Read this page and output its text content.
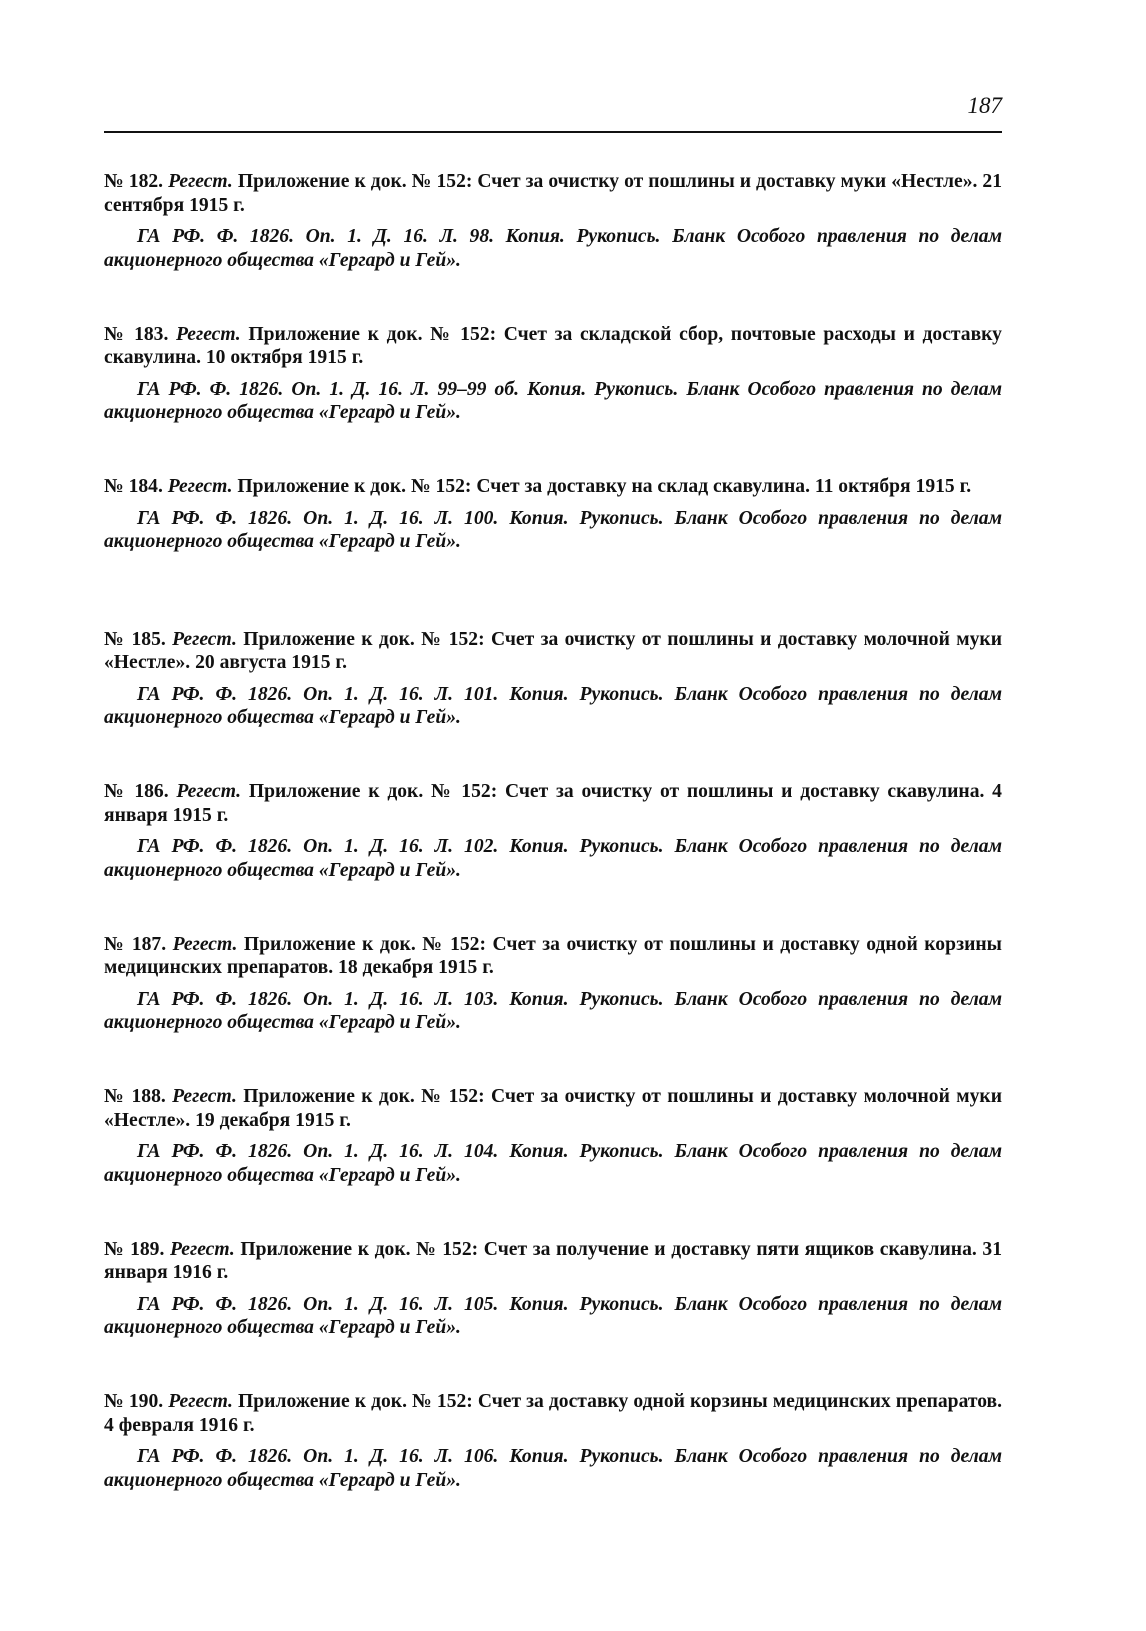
187

№ 182. Регест. Приложение к док. № 152: Счет за очистку от пошлины и доставку муки «Нестле». 21 сентября 1915 г.

ГА РФ. Ф. 1826. Оп. 1. Д. 16. Л. 98. Копия. Рукопись. Бланк Особого правления по делам акционерного общества «Гергард и Гей».

№ 183. Регест. Приложение к док. № 152: Счет за складской сбор, почтовые расходы и доставку скавулина. 10 октября 1915 г.

ГА РФ. Ф. 1826. Оп. 1. Д. 16. Л. 99–99 об. Копия. Рукопись. Бланк Особого правления по делам акционерного общества «Гергард и Гей».

№ 184. Регест. Приложение к док. № 152: Счет за доставку на склад скавулина. 11 октября 1915 г.

ГА РФ. Ф. 1826. Оп. 1. Д. 16. Л. 100. Копия. Рукопись. Бланк Особого правления по делам акционерного общества «Гергард и Гей».

№ 185. Регест. Приложение к док. № 152: Счет за очистку от пошлины и доставку молочной муки «Нестле». 20 августа 1915 г.

ГА РФ. Ф. 1826. Оп. 1. Д. 16. Л. 101. Копия. Рукопись. Бланк Особого правления по делам акционерного общества «Гергард и Гей».

№ 186. Регест. Приложение к док. № 152: Счет за очистку от пошлины и доставку скавулина. 4 января 1915 г.

ГА РФ. Ф. 1826. Оп. 1. Д. 16. Л. 102. Копия. Рукопись. Бланк Особого правления по делам акционерного общества «Гергард и Гей».

№ 187. Регест. Приложение к док. № 152: Счет за очистку от пошлины и доставку одной корзины медицинских препаратов. 18 декабря 1915 г.

ГА РФ. Ф. 1826. Оп. 1. Д. 16. Л. 103. Копия. Рукопись. Бланк Особого правления по делам акционерного общества «Гергард и Гей».

№ 188. Регест. Приложение к док. № 152: Счет за очистку от пошлины и доставку молочной муки «Нестле». 19 декабря 1915 г.

ГА РФ. Ф. 1826. Оп. 1. Д. 16. Л. 104. Копия. Рукопись. Бланк Особого правления по делам акционерного общества «Гергард и Гей».

№ 189. Регест. Приложение к док. № 152: Счет за получение и доставку пяти ящиков скавулина. 31 января 1916 г.

ГА РФ. Ф. 1826. Оп. 1. Д. 16. Л. 105. Копия. Рукопись. Бланк Особого правления по делам акционерного общества «Гергард и Гей».

№ 190. Регест. Приложение к док. № 152: Счет за доставку одной корзины медицинских препаратов. 4 февраля 1916 г.

ГА РФ. Ф. 1826. Оп. 1. Д. 16. Л. 106. Копия. Рукопись. Бланк Особого правления по делам акционерного общества «Гергард и Гей».
